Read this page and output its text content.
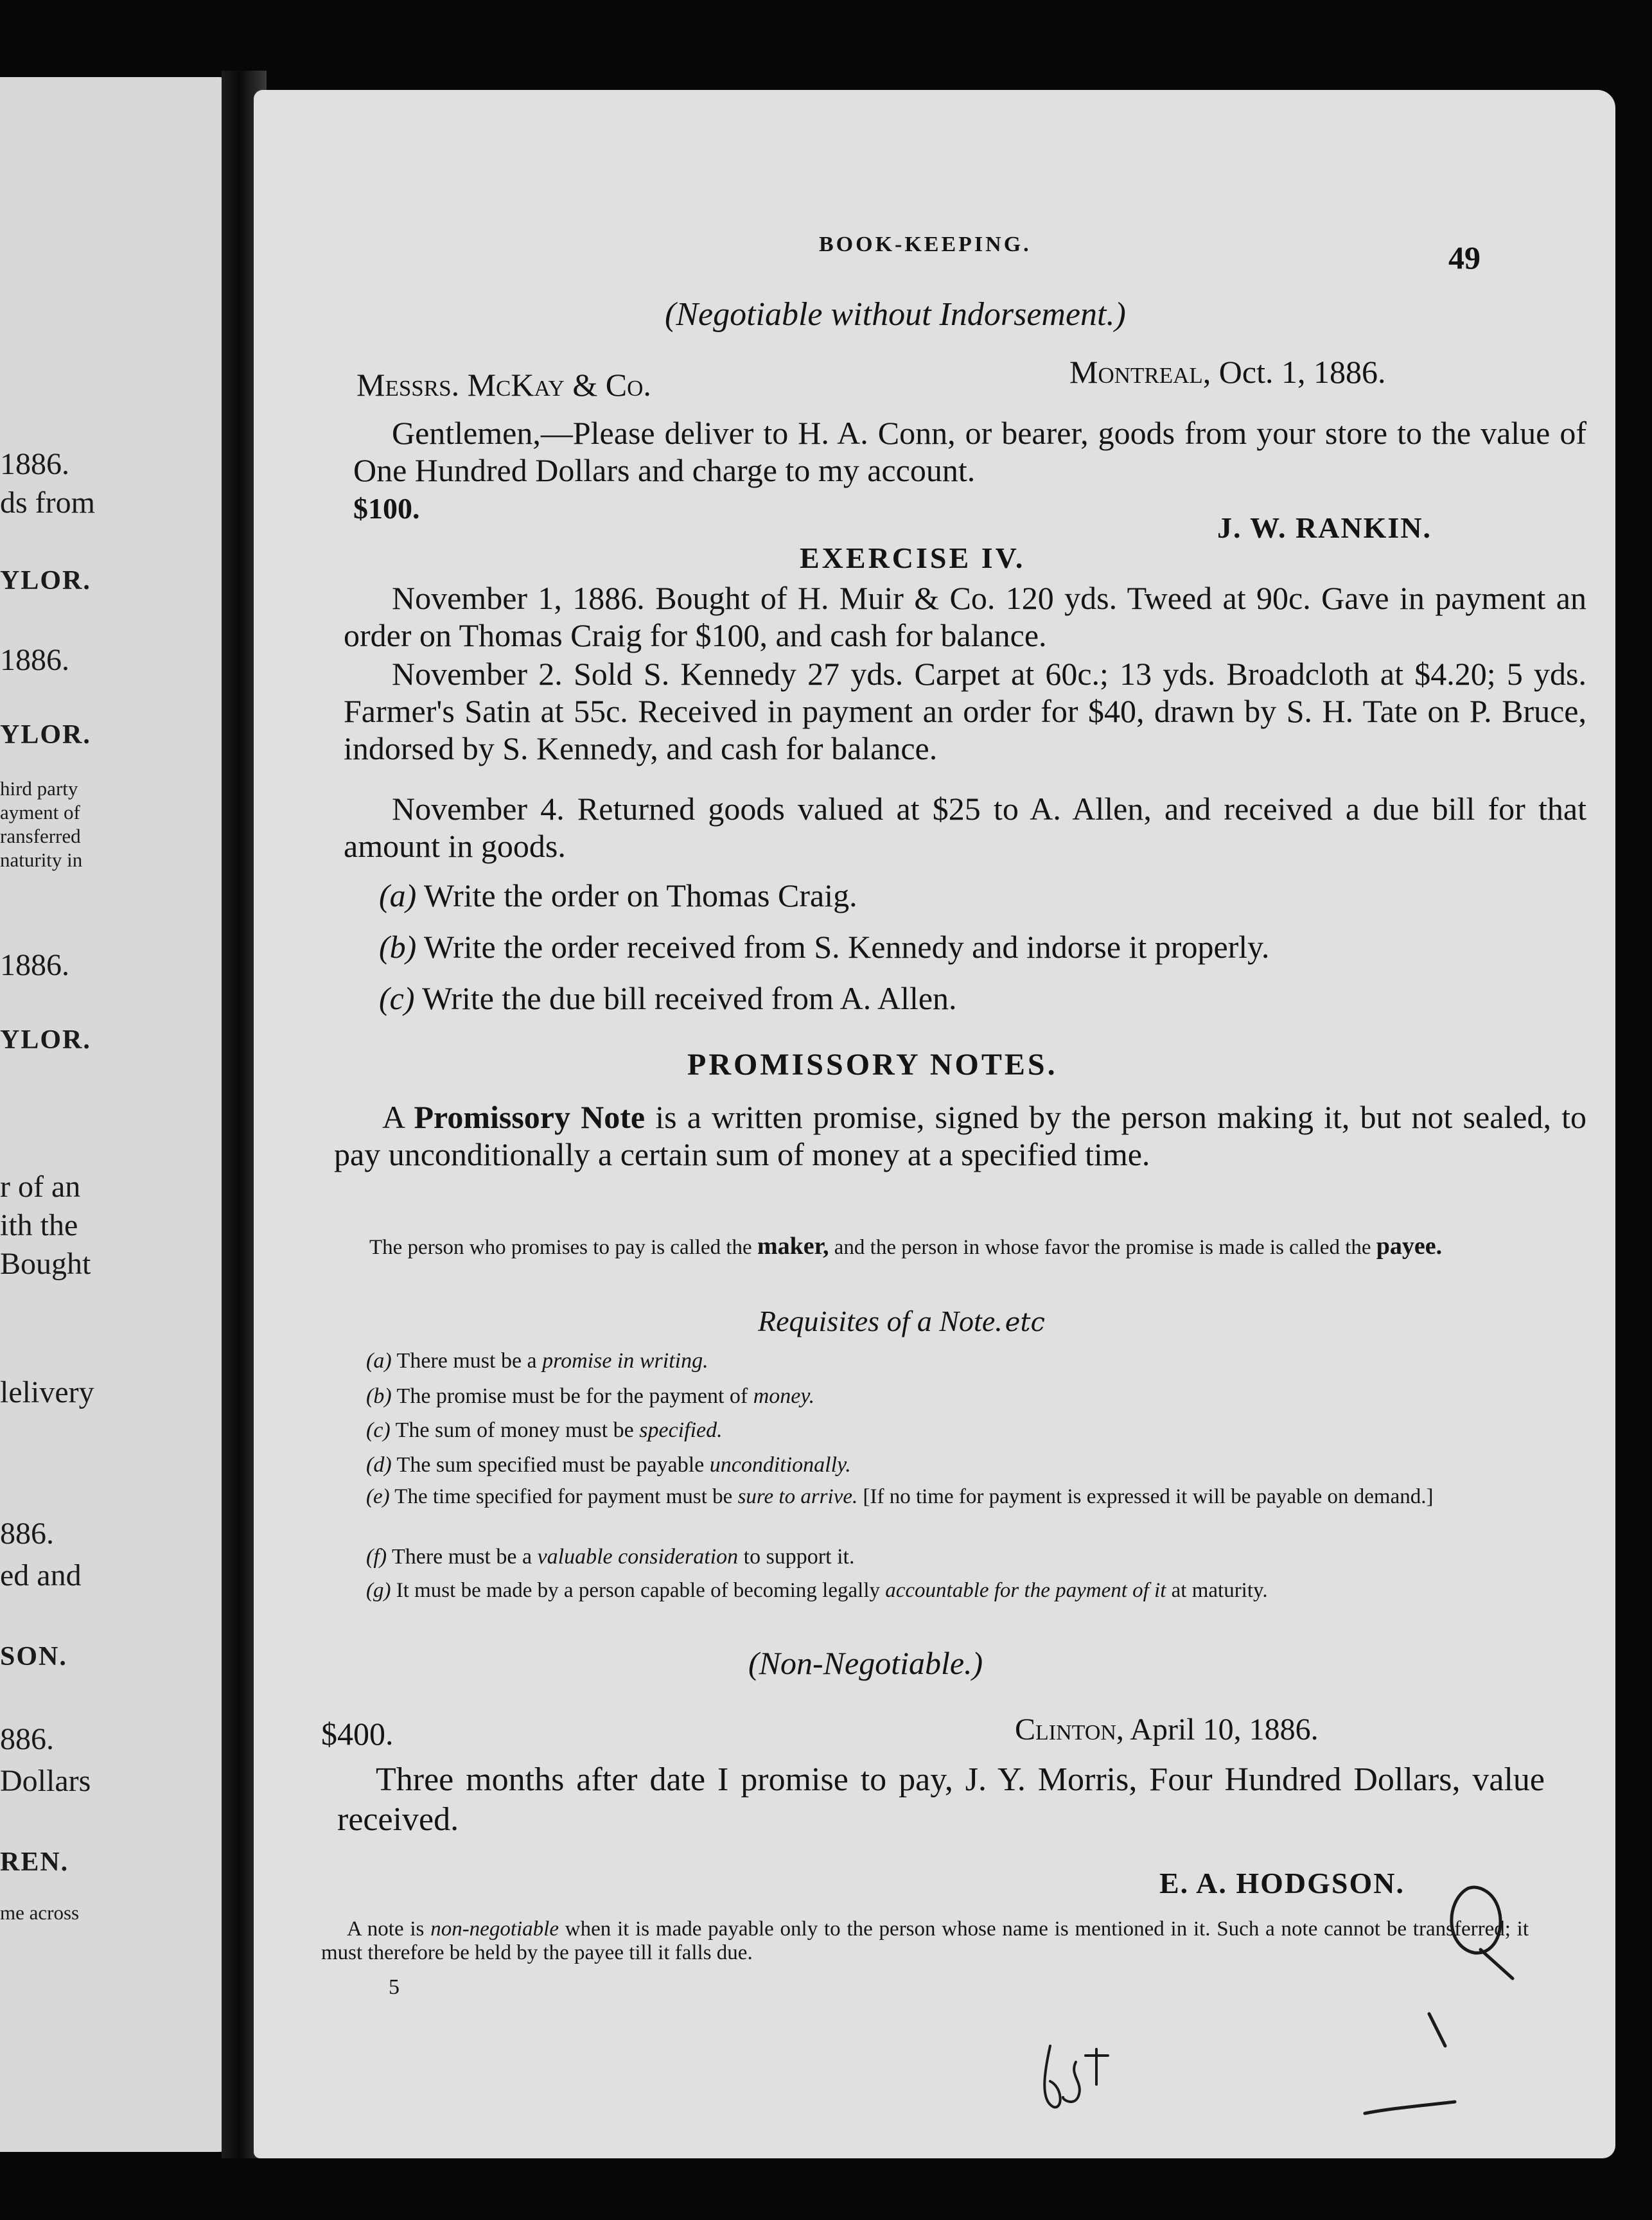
1886.
ds from
YLOR.
1886.
YLOR.
hird party
ayment of
ransferred
naturity in
1886.
YLOR.
r of an
ith the
Bought
lelivery
886.
ed and
SON.
886.
Dollars
REN.
me across
BOOK-KEEPING.	49
(Negotiable without Indorsement.)
Messrs. McKay & Co.	Montreal, Oct. 1, 1886.
Gentlemen,—Please deliver to H. A. Conn, or bearer, goods from your store to the value of One Hundred Dollars and charge to my account.
$100.
J. W. RANKIN.
EXERCISE IV.
November 1, 1886. Bought of H. Muir & Co. 120 yds. Tweed at 90c. Gave in payment an order on Thomas Craig for $100, and cash for balance.
November 2. Sold S. Kennedy 27 yds. Carpet at 60c.; 13 yds. Broadcloth at $4.20; 5 yds. Farmer's Satin at 55c. Received in payment an order for $40, drawn by S. H. Tate on P. Bruce, indorsed by S. Kennedy, and cash for balance.
November 4. Returned goods valued at $25 to A. Allen, and received a due bill for that amount in goods.
(a) Write the order on Thomas Craig.
(b) Write the order received from S. Kennedy and indorse it properly.
(c) Write the due bill received from A. Allen.
PROMISSORY NOTES.
A Promissory Note is a written promise, signed by the person making it, but not sealed, to pay unconditionally a certain sum of money at a specified time.
The person who promises to pay is called the maker, and the person in whose favor the promise is made is called the payee.
Requisites of a Note. etc
(a) There must be a promise in writing.
(b) The promise must be for the payment of money.
(c) The sum of money must be specified.
(d) The sum specified must be payable unconditionally.
(e) The time specified for payment must be sure to arrive. [If no time for payment is expressed it will be payable on demand.]
(f) There must be a valuable consideration to support it.
(g) It must be made by a person capable of becoming legally accountable for the payment of it at maturity.
(Non-Negotiable.)
$400.	Clinton, April 10, 1886.
Three months after date I promise to pay, J. Y. Morris, Four Hundred Dollars, value received.
E. A. HODGSON.
A note is non-negotiable when it is made payable only to the person whose name is mentioned in it. Such a note cannot be transferred; it must therefore be held by the payee till it falls due.
5
